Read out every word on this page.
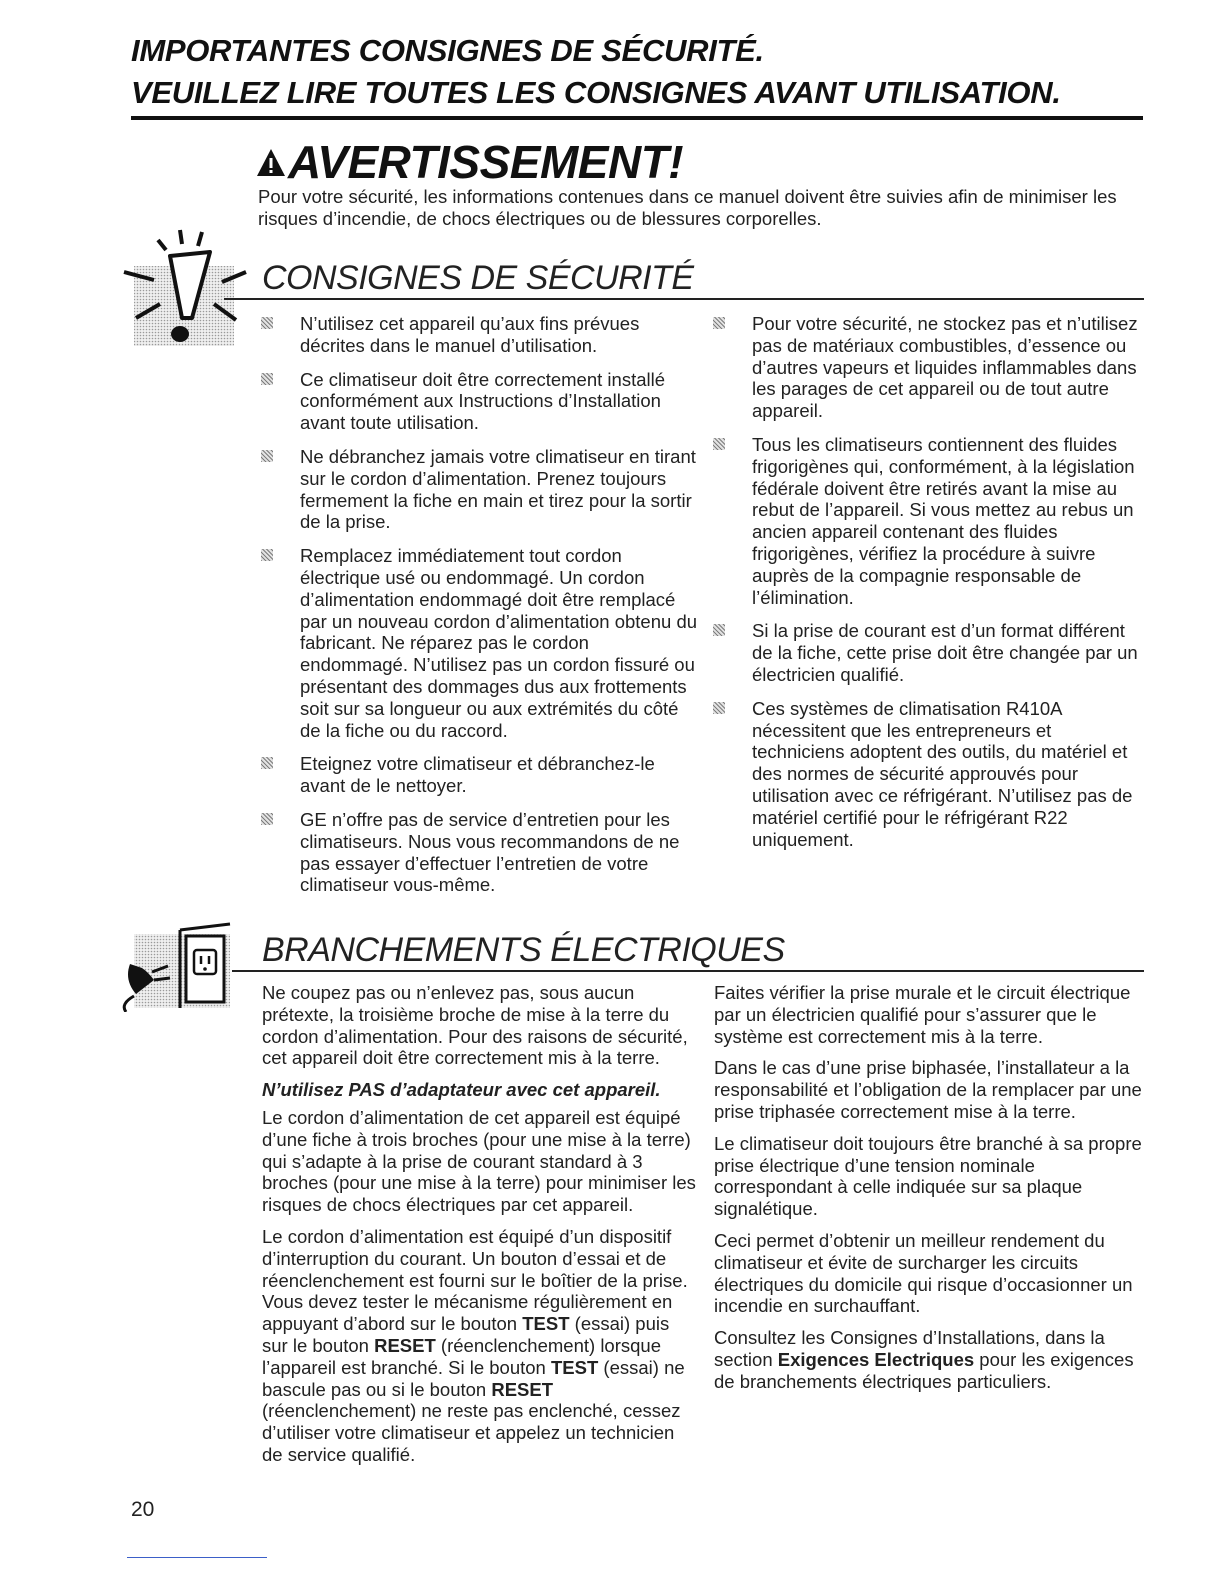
IMPORTANTES CONSIGNES DE SÉCURITÉ.
VEUILLEZ LIRE TOUTES LES CONSIGNES AVANT UTILISATION.
AVERTISSEMENT!
Pour votre sécurité, les informations contenues dans ce manuel doivent être suivies afin de minimiser les risques d’incendie, de chocs électriques ou de blessures corporelles.
CONSIGNES DE SÉCURITÉ
N’utilisez cet appareil qu’aux fins prévues décrites dans le manuel d’utilisation.
Ce climatiseur doit être correctement installé conformément aux Instructions d’Installation avant toute utilisation.
Ne débranchez jamais votre climatiseur en tirant sur le cordon d’alimentation. Prenez toujours fermement la fiche en main et tirez pour la sortir de la prise.
Remplacez immédiatement tout cordon électrique usé ou endommagé. Un cordon d’alimentation endommagé doit être remplacé par un nouveau cordon d’alimentation obtenu du fabricant. Ne réparez pas le cordon endommagé. N’utilisez pas un cordon fissuré ou présentant des dommages dus aux frottements soit sur sa longueur ou aux extrémités du côté de la fiche ou du raccord.
Eteignez votre climatiseur et débranchez-le avant de le nettoyer.
GE n’offre pas de service d’entretien pour les climatiseurs. Nous vous recommandons de ne pas essayer d’effectuer l’entretien de votre climatiseur vous-même.
Pour votre sécurité, ne stockez pas et n’utilisez pas de matériaux combustibles, d’essence ou d’autres vapeurs et liquides inflammables dans les parages de cet appareil ou de tout autre appareil.
Tous les climatiseurs contiennent des fluides frigorigènes qui, conformément, à la législation fédérale doivent être retirés avant la mise au rebut de l’appareil. Si vous mettez au rebus un ancien appareil contenant des fluides frigorigènes, vérifiez la procédure à suivre auprès de la compagnie responsable de l’élimination.
Si la prise de courant est d’un format différent de la fiche, cette prise doit être changée par un électricien qualifié.
Ces systèmes de climatisation R410A nécessitent que les entrepreneurs et techniciens adoptent des outils, du matériel et des normes de sécurité approuvés pour utilisation avec ce réfrigérant. N’utilisez pas de matériel certifié pour le réfrigérant R22 uniquement.
BRANCHEMENTS ÉLECTRIQUES

Ne coupez pas ou n’enlevez pas, sous aucun prétexte, la troisième broche de mise à la terre du cordon d’alimentation. Pour des raisons de sécurité, cet appareil doit être correctement mis à la terre.

N’utilisez PAS d’adaptateur avec cet appareil.

Le cordon d’alimentation de cet appareil est équipé d’une fiche à trois broches (pour une mise à la terre) qui s’adapte à la prise de courant standard à 3 broches (pour une mise à la terre) pour minimiser les risques de chocs électriques par cet appareil.

Le cordon d’alimentation est équipé d’un dispositif d’interruption du courant. Un bouton d’essai et de réenclenchement est fourni sur le boîtier de la prise. Vous devez tester le mécanisme régulièrement en appuyant d’abord sur le bouton TEST (essai) puis sur le bouton RESET (réenclenchement) lorsque l’appareil est branché. Si le bouton TEST (essai) ne bascule pas ou si le bouton RESET (réenclenchement) ne reste pas enclenché, cessez d’utiliser votre climatiseur et appelez un technicien de service qualifié.

Faites vérifier la prise murale et le circuit électrique par un électricien qualifié pour s’assurer que le système est correctement mis à la terre.

Dans le cas d’une prise biphasée, l’installateur a la responsabilité et l’obligation de la remplacer par une prise triphasée correctement mise à la terre.

Le climatiseur doit toujours être branché à sa propre prise électrique d’une tension nominale correspondant à celle indiquée sur sa plaque signalétique.

Ceci permet d’obtenir un meilleur rendement du climatiseur et évite de surcharger les circuits électriques du domicile qui risque d’occasionner un incendie en surchauffant.

Consultez les Consignes d’Installations, dans la section Exigences Electriques pour les exigences de branchements électriques particuliers.

20
